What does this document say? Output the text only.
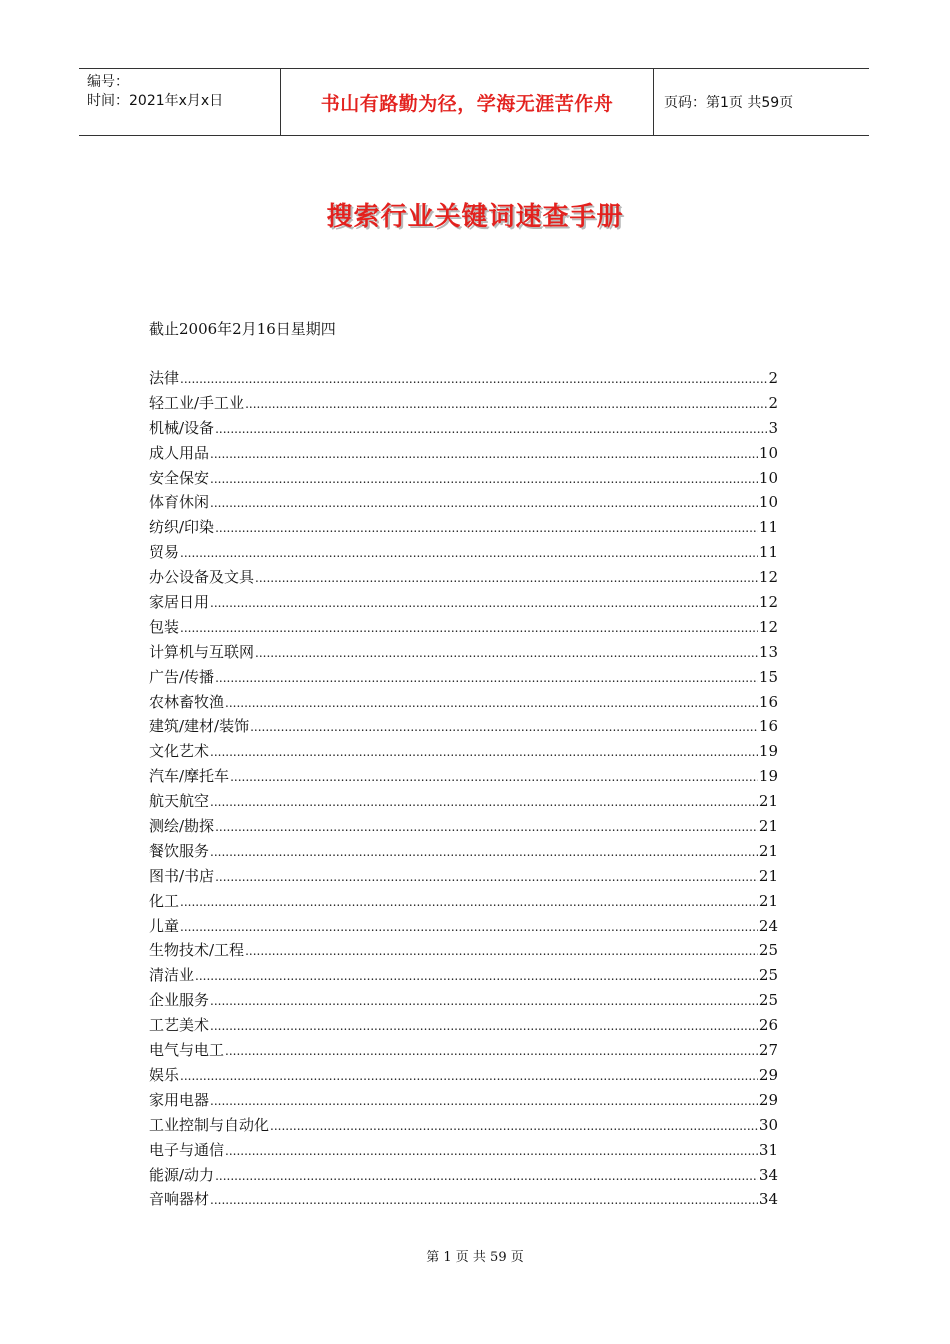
编号：
时间：2021年x月x日	书山有路勤为径，学海无涯苦作舟	页码：第1页 共59页
搜索行业关键词速查手册
截止2006年2月16日星期四
法律 .....	2
轻工业/手工业 .....	2
机械/设备 .....	3
成人用品 .....	10
安全保安 .....	10
体育休闲 .....	10
纺织/印染 .....	11
贸易 .....	11
办公设备及文具 .....	12
家居日用 .....	12
包装 .....	12
计算机与互联网 .....	13
广告/传播 .....	15
农林畜牧渔 .....	16
建筑/建材/装饰 .....	16
文化艺术 .....	19
汽车/摩托车 .....	19
航天航空 .....	21
测绘/勘探 .....	21
餐饮服务 .....	21
图书/书店 .....	21
化工 .....	21
儿童 .....	24
生物技术/工程 .....	25
清洁业 .....	25
企业服务 .....	25
工艺美术 .....	26
电气与电工 .....	27
娱乐 .....	29
家用电器 .....	29
工业控制与自动化 .....	30
电子与通信 .....	31
能源/动力 .....	34
音响器材 .....	34
第 1 页 共 59 页
